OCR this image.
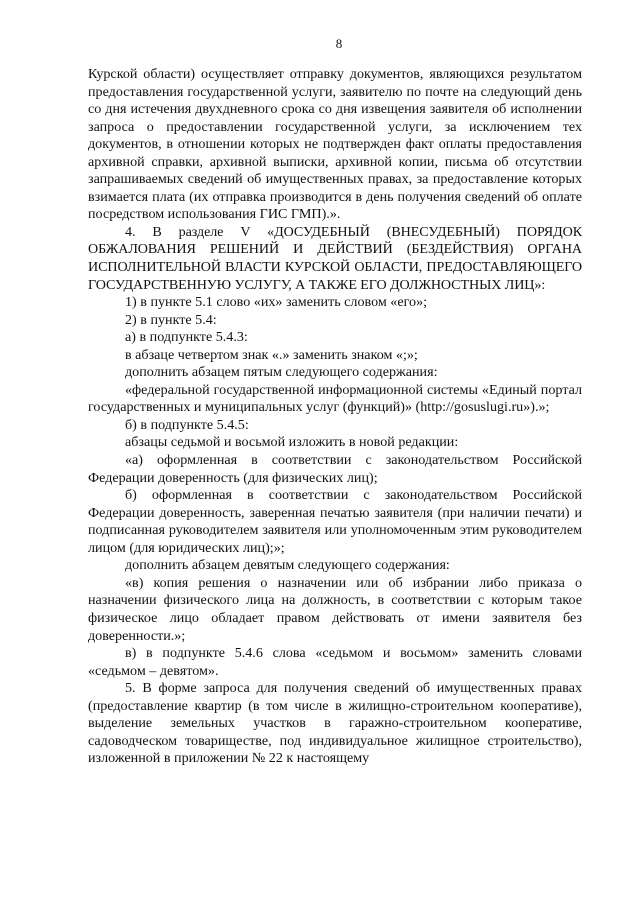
8

Курской области) осуществляет отправку документов, являющихся результатом предоставления государственной услуги, заявителю по почте на следующий день со дня истечения двухдневного срока со дня извещения заявителя об исполнении запроса о предоставлении государственной услуги, за исключением тех документов, в отношении которых не подтвержден факт оплаты предоставления архивной справки, архивной выписки, архивной копии, письма об отсутствии запрашиваемых сведений об имущественных правах, за предоставление которых взимается плата (их отправка производится в день получения сведений об оплате посредством использования ГИС ГМП).».

4. В разделе V «ДОСУДЕБНЫЙ (ВНЕСУДЕБНЫЙ) ПОРЯДОК ОБЖАЛОВАНИЯ РЕШЕНИЙ И ДЕЙСТВИЙ (БЕЗДЕЙСТВИЯ) ОРГАНА ИСПОЛНИТЕЛЬНОЙ ВЛАСТИ КУРСКОЙ ОБЛАСТИ, ПРЕДОСТАВЛЯЮЩЕГО ГОСУДАРСТВЕННУЮ УСЛУГУ, А ТАКЖЕ ЕГО ДОЛЖНОСТНЫХ ЛИЦ»:

1) в пункте 5.1 слово «их» заменить словом «его»;

2) в пункте 5.4:

а) в подпункте 5.4.3:

в абзаце четвертом знак «.» заменить знаком «;»;

дополнить абзацем пятым следующего содержания:

«федеральной государственной информационной системы «Единый портал государственных и муниципальных услуг (функций)» (http://gosuslugi.ru»).»;

б) в подпункте 5.4.5:

абзацы седьмой и восьмой изложить в новой редакции:

«а) оформленная в соответствии с законодательством Российской Федерации доверенность (для физических лиц);

б) оформленная в соответствии с законодательством Российской Федерации доверенность, заверенная печатью заявителя (при наличии печати) и подписанная руководителем заявителя или уполномоченным этим руководителем лицом (для юридических лиц);»;

дополнить абзацем девятым следующего содержания:

«в) копия решения о назначении или об избрании либо приказа о назначении физического лица на должность, в соответствии с которым такое физическое лицо обладает правом действовать от имени заявителя без доверенности.»;

в) в подпункте 5.4.6 слова «седьмом и восьмом» заменить словами «седьмом – девятом».

5. В форме запроса для получения сведений об имущественных правах (предоставление квартир (в том числе в жилищно-строительном кооперативе), выделение земельных участков в гаражно-строительном кооперативе, садоводческом товариществе, под индивидуальное жилищное строительство), изложенной в приложении № 22 к настоящему
